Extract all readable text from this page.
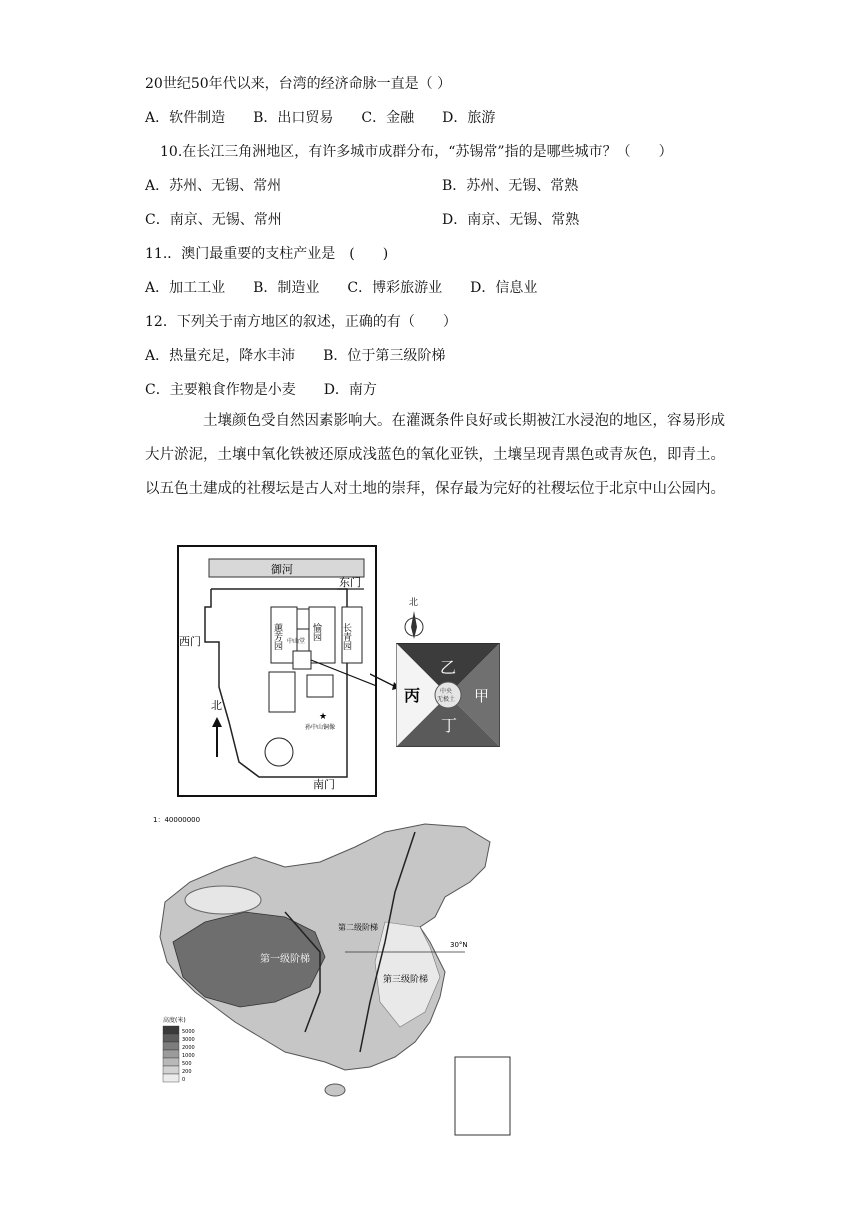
20世纪50年代以来，台湾的经济命脉一直是（ ）
A．软件制造　　B．出口贸易　　C．金融　　D．旅游
10.在长江三角洲地区，有许多城市成群分布，“苏锡常”指的是哪些城市？（　　）
A．苏州、无锡、常州	B．苏州、无锡、常熟
C．南京、无锡、常州	D．南京、无锡、常熟
11.．澳门最重要的支柱产业是　(　　)
A．加工工业　　B．制造业　　C．博彩旅游业　　D．信息业
12．下列关于南方地区的叙述，正确的有（　　）
A．热量充足，降水丰沛　　B．位于第三级阶梯
C．主要粮食作物是小麦　　D．南方
土壤颜色受自然因素影响大。在灌溉条件良好或长期被江水浸泡的地区，容易形成大片淤泥，土壤中氧化铁被还原成浅蓝色的氧化亚铁，土壤呈现青黑色或青灰色，即青土。以五色土建成的社稷坛是古人对土地的崇拜，保存最为完好的社稷坛位于北京中山公园内。
御河
东门
西门
南门
蕙芳园	愉园 长青园
中山堂
★
孙中山铜像
北
北
中央
无极土
乙
甲
丙
丁
1：40000000
第一级阶梯
第二级阶梯
第三级阶梯
30°N
高度(米)
5000
3000
2000
1000
500
200
0
